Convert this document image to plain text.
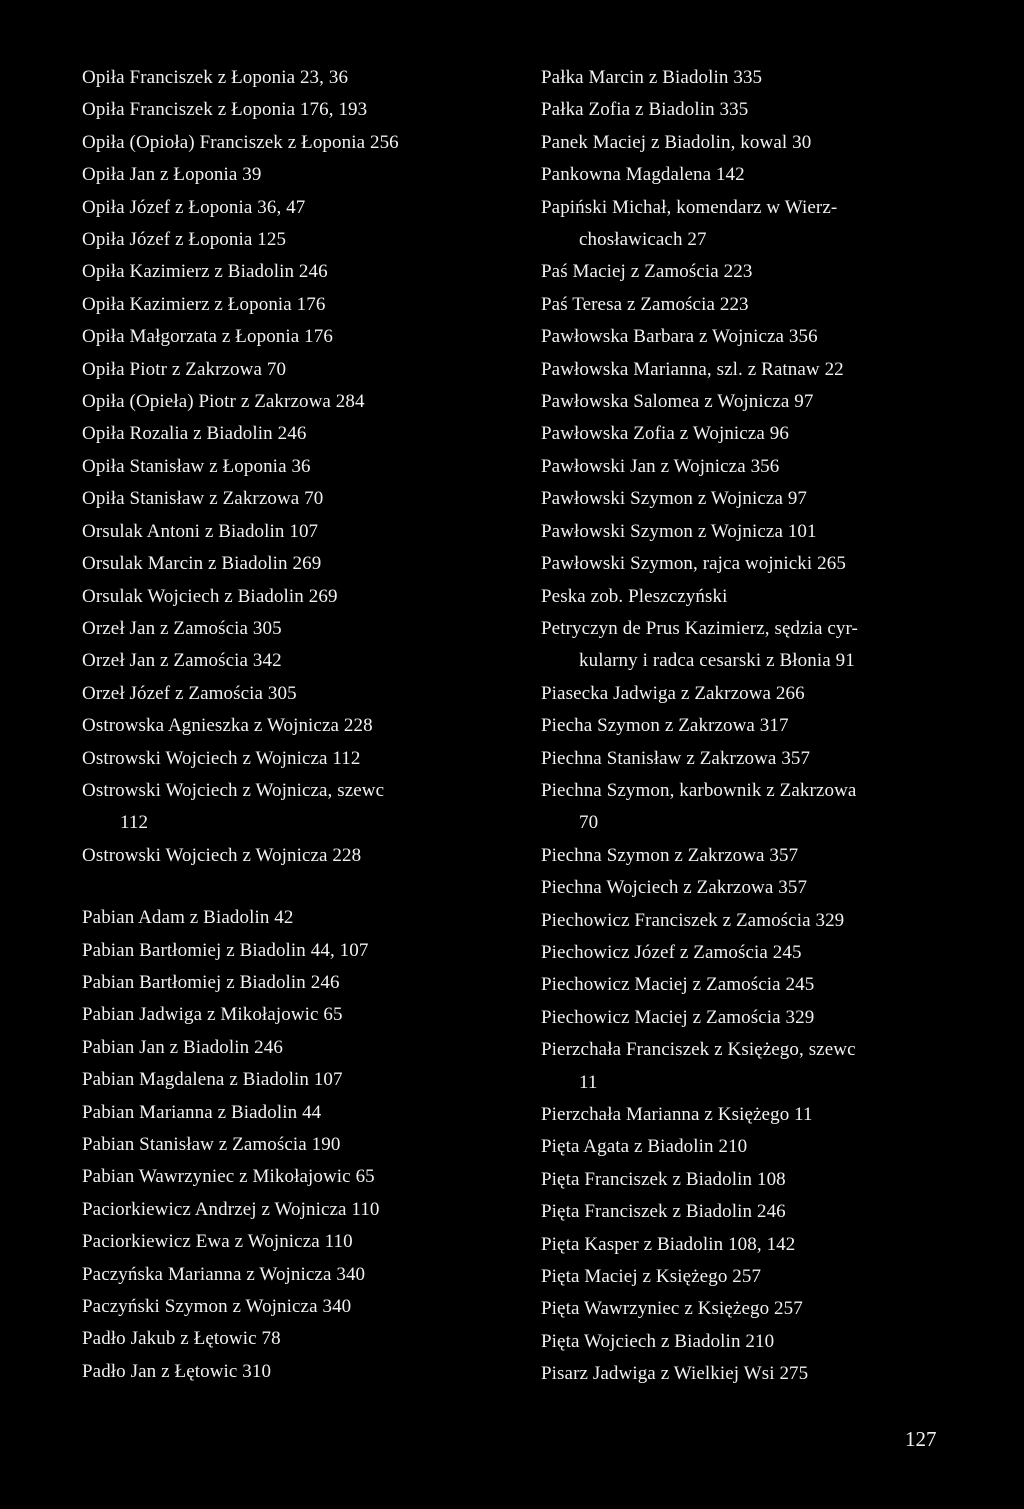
Opiła Franciszek z Łoponia 23, 36
Opiła Franciszek z Łoponia 176, 193
Opiła (Opioła) Franciszek z Łoponia 256
Opiła Jan z Łoponia 39
Opiła Józef z Łoponia 36, 47
Opiła Józef z Łoponia 125
Opiła Kazimierz z Biadolin 246
Opiła Kazimierz z Łoponia 176
Opiła Małgorzata z Łoponia 176
Opiła Piotr z Zakrzowa 70
Opiła (Opieła) Piotr z Zakrzowa 284
Opiła Rozalia z Biadolin 246
Opiła Stanisław z Łoponia 36
Opiła Stanisław z Zakrzowa 70
Orsulak Antoni z Biadolin 107
Orsulak Marcin z Biadolin 269
Orsulak Wojciech z Biadolin 269
Orzeł Jan z Zamościa 305
Orzeł Jan z Zamościa 342
Orzeł Józef z Zamościa 305
Ostrowska Agnieszka z Wojnicza 228
Ostrowski Wojciech z Wojnicza 112
Ostrowski Wojciech z Wojnicza, szewc
112
Ostrowski Wojciech z Wojnicza 228
Pabian Adam z Biadolin 42
Pabian Bartłomiej z Biadolin 44, 107
Pabian Bartłomiej z Biadolin 246
Pabian Jadwiga z Mikołajowic 65
Pabian Jan z Biadolin 246
Pabian Magdalena z Biadolin 107
Pabian Marianna z Biadolin 44
Pabian Stanisław z Zamościa 190
Pabian Wawrzyniec z Mikołajowic 65
Paciorkiewicz Andrzej z Wojnicza 110
Paciorkiewicz Ewa z Wojnicza 110
Paczyńska Marianna z Wojnicza 340
Paczyński Szymon z Wojnicza 340
Padło Jakub z Łętowic 78
Padło Jan z Łętowic 310
Pałka Marcin z Biadolin 335
Pałka Zofia z Biadolin 335
Panek Maciej z Biadolin, kowal 30
Pankowna Magdalena 142
Papiński Michał, komendarz w Wierz-
chosławicach 27
Paś Maciej z Zamościa 223
Paś Teresa z Zamościa 223
Pawłowska Barbara z Wojnicza 356
Pawłowska Marianna, szl. z Ratnaw 22
Pawłowska Salomea z Wojnicza 97
Pawłowska Zofia z Wojnicza 96
Pawłowski Jan z Wojnicza 356
Pawłowski Szymon z Wojnicza 97
Pawłowski Szymon z Wojnicza 101
Pawłowski Szymon, rajca wojnicki 265
Peska zob. Pleszczyński
Petryczyn de Prus Kazimierz, sędzia cyr-
kularny i radca cesarski z Błonia 91
Piasecka Jadwiga z Zakrzowa 266
Piecha Szymon z Zakrzowa 317
Piechna Stanisław z Zakrzowa 357
Piechna Szymon, karbownik z Zakrzowa
70
Piechna Szymon z Zakrzowa 357
Piechna Wojciech z Zakrzowa 357
Piechowicz Franciszek z Zamościa 329
Piechowicz Józef z Zamościa 245
Piechowicz Maciej z Zamościa 245
Piechowicz Maciej z Zamościa 329
Pierzchała Franciszek z Księżego, szewc
11
Pierzchała Marianna z Księżego 11
Pięta Agata z Biadolin 210
Pięta Franciszek z Biadolin 108
Pięta Franciszek z Biadolin 246
Pięta Kasper z Biadolin 108, 142
Pięta Maciej z Księżego 257
Pięta Wawrzyniec z Księżego 257
Pięta Wojciech z Biadolin 210
Pisarz Jadwiga z Wielkiej Wsi 275
127
